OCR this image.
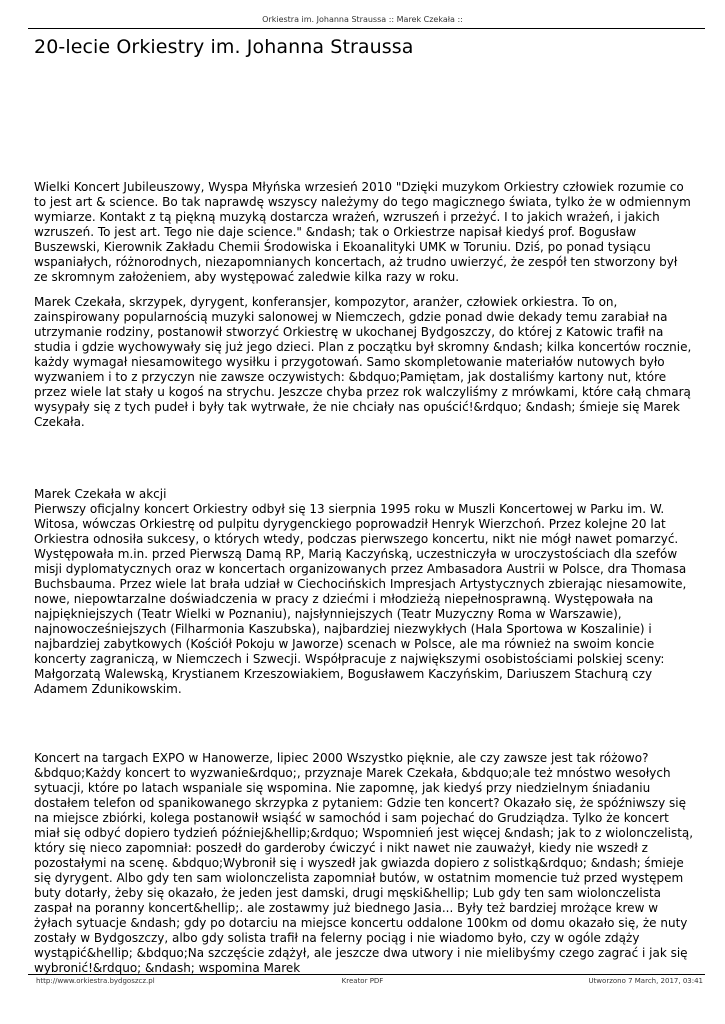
Orkiestra im. Johanna Straussa :: Marek Czekała ::
20-lecie Orkiestry im. Johanna Straussa

Wielki Koncert Jubileuszowy, Wyspa Młyńska wrzesień 2010 "Dzięki muzykom Orkiestry człowiek rozumie co to jest art & science. Bo tak naprawdę wszyscy należymy do tego magicznego świata, tylko że w odmiennym wymiarze. Kontakt z tą piękną muzyką dostarcza wrażeń, wzruszeń i przeżyć. I to jakich wrażeń, i jakich wzruszeń. To jest art. Tego nie daje science." &ndash; tak o Orkiestrze napisał kiedyś prof. Bogusław Buszewski, Kierownik Zakładu Chemii Środowiska i Ekoanalityki UMK w Toruniu. Dziś, po ponad tysiącu wspaniałych, różnorodnych, niezapomnianych koncertach, aż trudno uwierzyć, że zespół ten stworzony był ze skromnym założeniem, aby występować zaledwie kilka razy w roku.

Marek Czekała, skrzypek, dyrygent, konferansjer, kompozytor, aranżer, człowiek orkiestra. To on, zainspirowany popularnością muzyki salonowej w Niemczech, gdzie ponad dwie dekady temu zarabiał na utrzymanie rodziny, postanowił stworzyć Orkiestrę w ukochanej Bydgoszczy, do której z Katowic trafił na studia i gdzie wychowywały się już jego dzieci. Plan z początku był skromny &ndash; kilka koncertów rocznie, każdy wymagał niesamowitego wysiłku i przygotowań. Samo skompletowanie materiałów nutowych było wyzwaniem i to z przyczyn nie zawsze oczywistych: &bdquo;Pamiętam, jak dostaliśmy kartony nut, które przez wiele lat stały u kogoś na strychu. Jeszcze chyba przez rok walczyliśmy z mrówkami, które całą chmarą wysypały się z tych pudeł i były tak wytrwałe, że nie chciały nas opuścić!&rdquo; &ndash; śmieje się Marek Czekała.

Marek Czekała w akcji

Pierwszy oficjalny koncert Orkiestry odbył się 13 sierpnia 1995 roku w Muszli Koncertowej w Parku im. W. Witosa, wówczas Orkiestrę od pulpitu dyrygenckiego poprowadził Henryk Wierzchoń. Przez kolejne 20 lat Orkiestra odnosiła sukcesy, o których wtedy, podczas pierwszego koncertu, nikt nie mógł nawet pomarzyć. Występowała m.in. przed Pierwszą Damą RP, Marią Kaczyńską, uczestniczyła w uroczystościach dla szefów misji dyplomatycznych oraz w koncertach organizowanych przez Ambasadora Austrii w Polsce, dra Thomasa Buchsbauma. Przez wiele lat brała udział w Ciechocińskich Impresjach Artystycznych zbierając niesamowite, nowe, niepowtarzalne doświadczenia w pracy z dziećmi i młodzieżą niepełnosprawną. Występowała na najpiękniejszych (Teatr Wielki w Poznaniu), najsłynniejszych (Teatr Muzyczny Roma w Warszawie), najnowocześniejszych (Filharmonia Kaszubska), najbardziej niezwykłych (Hala Sportowa w Koszalinie) i najbardziej zabytkowych (Kościół Pokoju w Jaworze) scenach w Polsce, ale ma również na swoim koncie koncerty zagraniczą, w Niemczech i Szwecji. Współpracuje z największymi osobistościami polskiej sceny: Małgorzatą Walewską, Krystianem Krzeszowiakiem, Bogusławem Kaczyńskim, Dariuszem Stachurą czy Adamem Zdunikowskim.

Koncert na targach EXPO w Hanowerze, lipiec 2000 Wszystko pięknie, ale czy zawsze jest tak różowo? &bdquo;Każdy koncert to wyzwanie&rdquo;, przyznaje Marek Czekała, &bdquo;ale też mnóstwo wesołych sytuacji, które po latach wspaniale się wspomina. Nie zapomnę, jak kiedyś przy niedzielnym śniadaniu dostałem telefon od spanikowanego skrzypka z pytaniem: Gdzie ten koncert? Okazało się, że spóźniwszy się na miejsce zbiórki, kolega postanowił wsiąść w samochód i sam pojechać do Grudziądza. Tylko że koncert miał się odbyć dopiero tydzień później&hellip;&rdquo; Wspomnień jest więcej &ndash; jak to z wiolonczelistą, który się nieco zapomniał: poszedł do garderoby ćwiczyć i nikt nawet nie zauważył, kiedy nie wszedł z pozostałymi na scenę. &bdquo;Wybronił się i wyszedł jak gwiazda dopiero z solistką&rdquo; &ndash; śmieje się dyrygent. Albo gdy ten sam wiolonczelista zapomniał butów, w ostatnim momencie tuż przed występem buty dotarły, żeby się okazało, że jeden jest damski, drugi męski&hellip; Lub gdy ten sam wiolonczelista zaspał na poranny koncert&hellip;. ale zostawmy już biednego Jasia... Były też bardziej mrożące krew w żyłach sytuacje &ndash; gdy po dotarciu na miejsce koncertu oddalone 100km od domu okazało się, że nuty zostały w Bydgoszczy, albo gdy solista trafił na felerny pociąg i nie wiadomo było, czy w ogóle zdąży wystąpić&hellip; &bdquo;Na szczęście zdążył, ale jeszcze dwa utwory i nie mielibyśmy czego zagrać i jak się wybronić!&rdquo; &ndash; wspomina Marek

http://www.orkiestra.bydgoszcz.pl	Kreator PDF	Utworzono 7 March, 2017, 03:41
